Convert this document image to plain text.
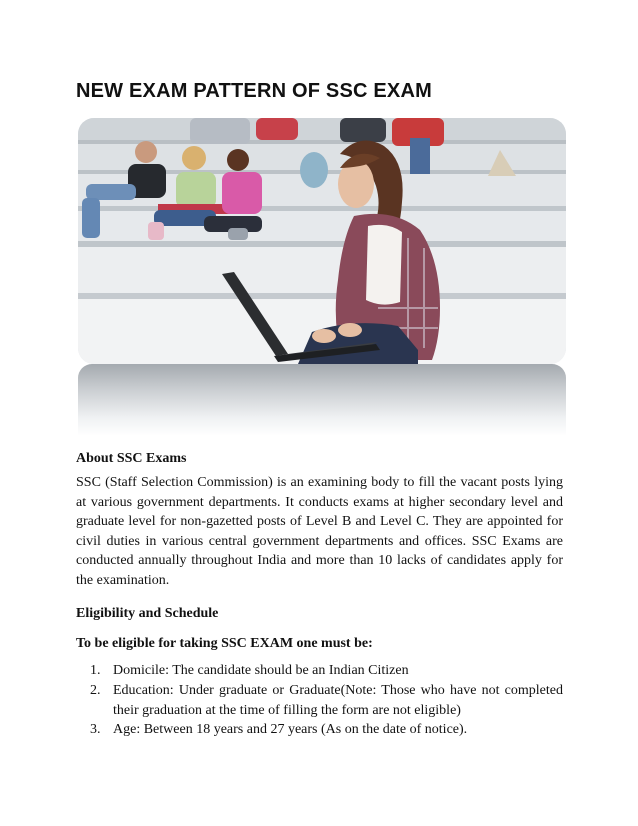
NEW EXAM PATTERN OF SSC EXAM
About SSC Exams

SSC (Staff Selection Commission) is an examining body to fill the vacant posts lying at various government departments. It conducts exams at higher secondary level and graduate level for non-gazetted posts of Level B and Level C. They are appointed for civil duties in various central government departments and offices. SSC Exams are conducted annually throughout India and more than 10 lacks of candidates apply for the examination.

Eligibility and Schedule
To be eligible for taking SSC EXAM one must be:
1. Domicile: The candidate should be an Indian Citizen
2. Education: Under graduate or Graduate(Note: Those who have not completed their graduation at the time of filling the form are not eligible)
3. Age: Between 18 years and 27 years (As on the date of notice).
